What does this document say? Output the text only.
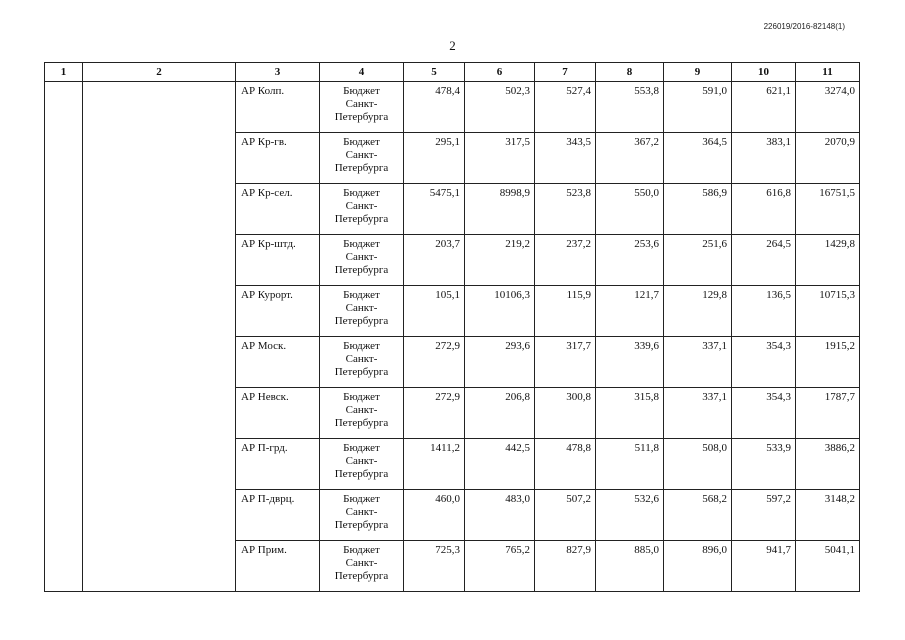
226019/2016-82148(1)
2
1	2	3	4	5	6	7	8	9	10	11
		АР Колп.	Бюджет
Санкт-
Петербурга	478,4	502,3	527,4	553,8	591,0	621,1	3274,0
		АР Кр-гв.	Бюджет
Санкт-
Петербурга	295,1	317,5	343,5	367,2	364,5	383,1	2070,9
		АР Кр-сел.	Бюджет
Санкт-
Петербурга	5475,1	8998,9	523,8	550,0	586,9	616,8	16751,5
		АР Кр-штд.	Бюджет
Санкт-
Петербурга	203,7	219,2	237,2	253,6	251,6	264,5	1429,8
		АР Курорт.	Бюджет
Санкт-
Петербурга	105,1	10106,3	115,9	121,7	129,8	136,5	10715,3
		АР Моск.	Бюджет
Санкт-
Петербурга	272,9	293,6	317,7	339,6	337,1	354,3	1915,2
		АР Невск.	Бюджет
Санкт-
Петербурга	272,9	206,8	300,8	315,8	337,1	354,3	1787,7
		АР П-грд.	Бюджет
Санкт-
Петербурга	1411,2	442,5	478,8	511,8	508,0	533,9	3886,2
		АР П-дврц.	Бюджет
Санкт-
Петербурга	460,0	483,0	507,2	532,6	568,2	597,2	3148,2
		АР Прим.	Бюджет
Санкт-
Петербурга	725,3	765,2	827,9	885,0	896,0	941,7	5041,1
